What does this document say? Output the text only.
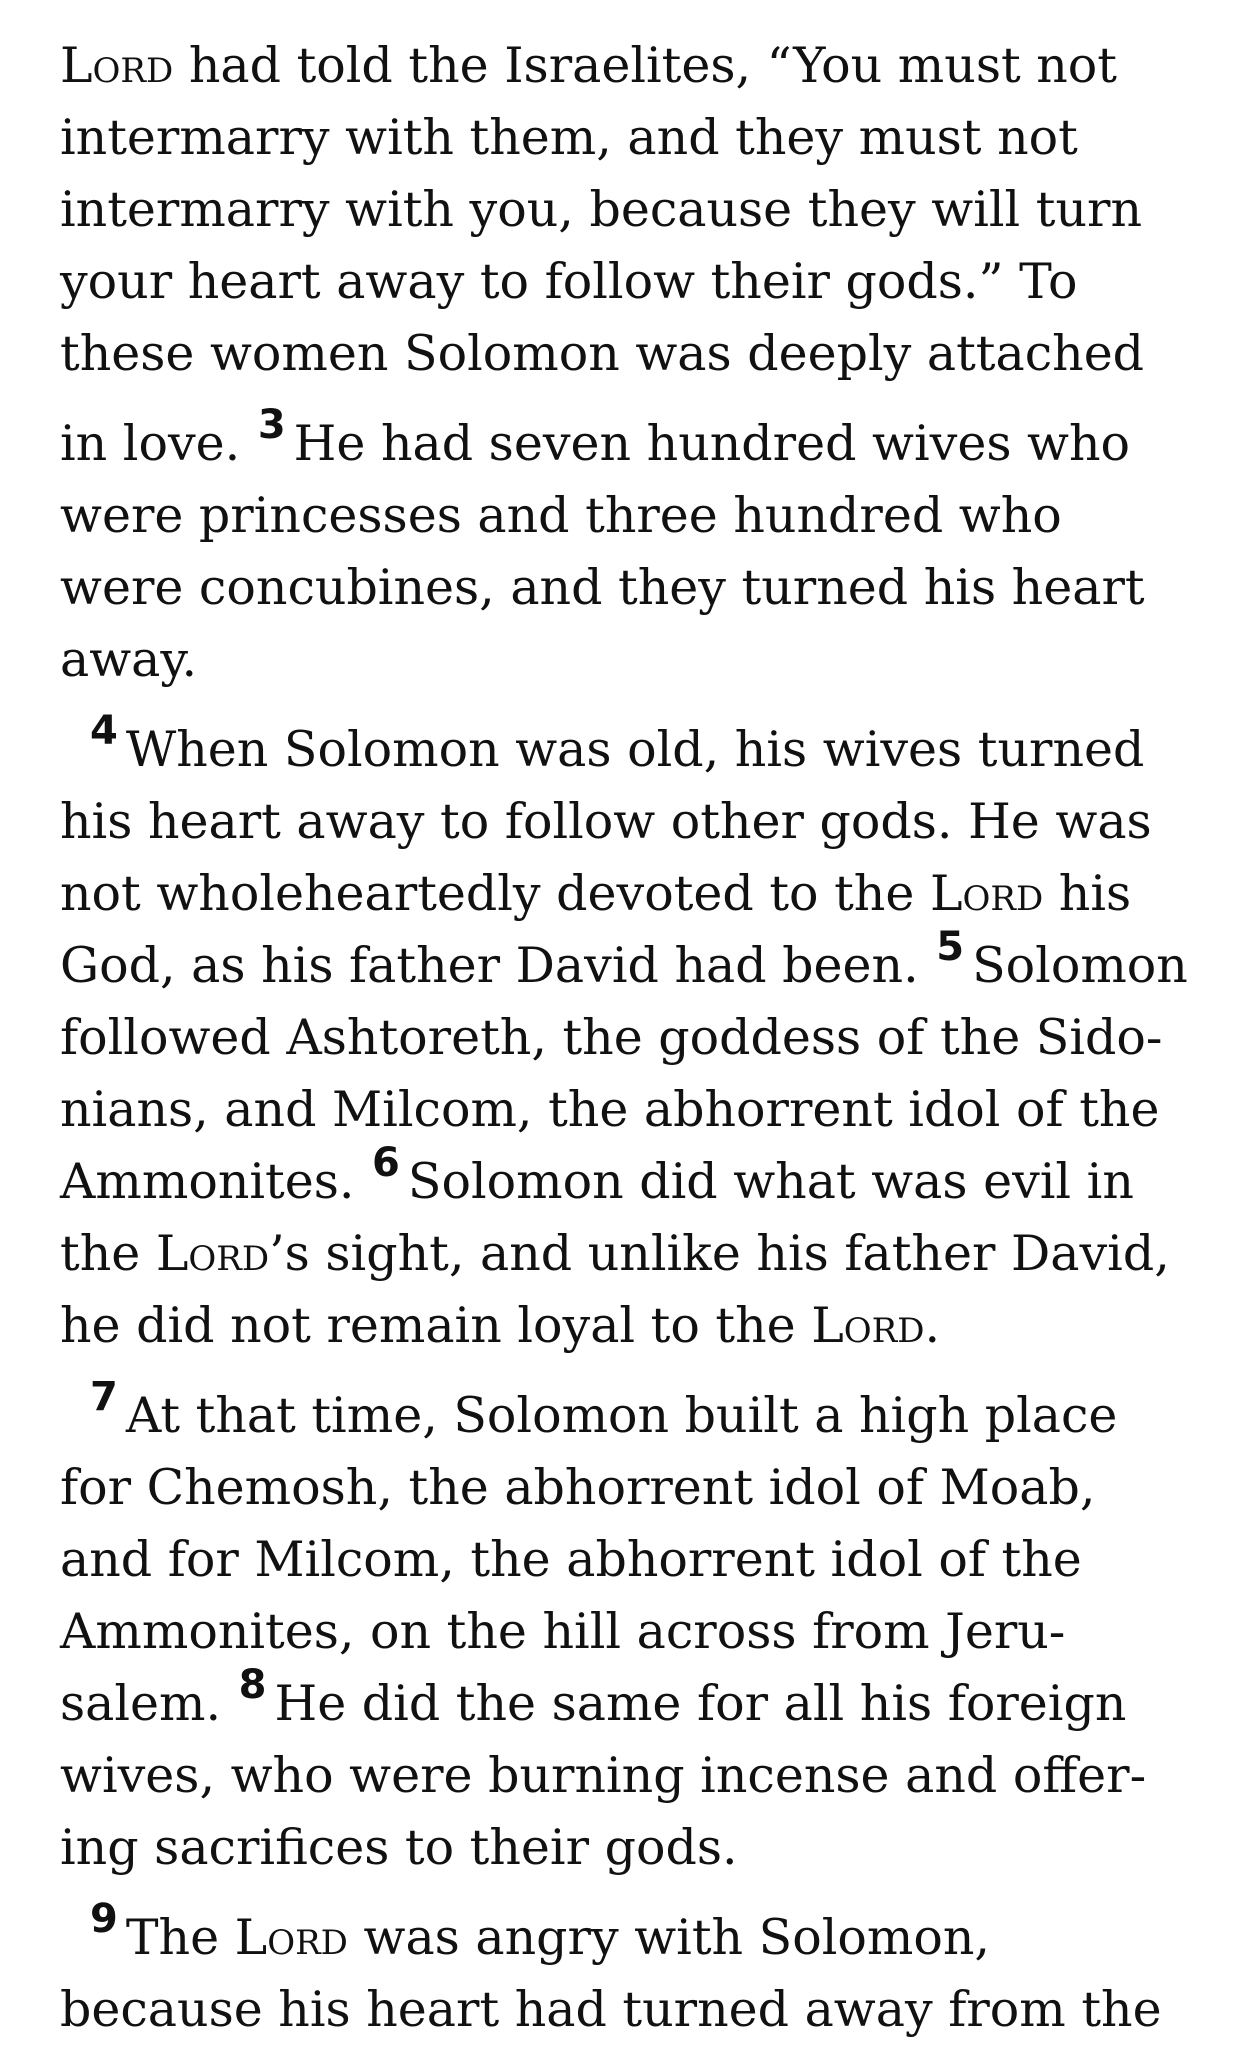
Lord had told the Israelites, “You must not
intermarry with them, and they must not
intermarry with you, because they will turn
your heart away to follow their gods.” To
these women Solomon was deeply attached
in love. $^3$ He had seven hundred wives who
were princesses and three hundred who
were concubines, and they turned his heart
away.
$^4$ When Solomon was old, his wives turned
his heart away to follow other gods. He was
not wholeheartedly devoted to the Lord his
God, as his father David had been. $^5$ Solomon
followed Ashtoreth, the goddess of the Sido-
nians, and Milcom, the abhorrent idol of the
Ammonites. $^6$ Solomon did what was evil in
the Lord’s sight, and unlike his father David,
he did not remain loyal to the Lord.
$^7$ At that time, Solomon built a high place
for Chemosh, the abhorrent idol of Moab,
and for Milcom, the abhorrent idol of the
Ammonites, on the hill across from Jeru-
salem. $^8$ He did the same for all his foreign
wives, who were burning incense and offer-
ing sacrifices to their gods.
$^9$ The Lord was angry with Solomon,
because his heart had turned away from the
